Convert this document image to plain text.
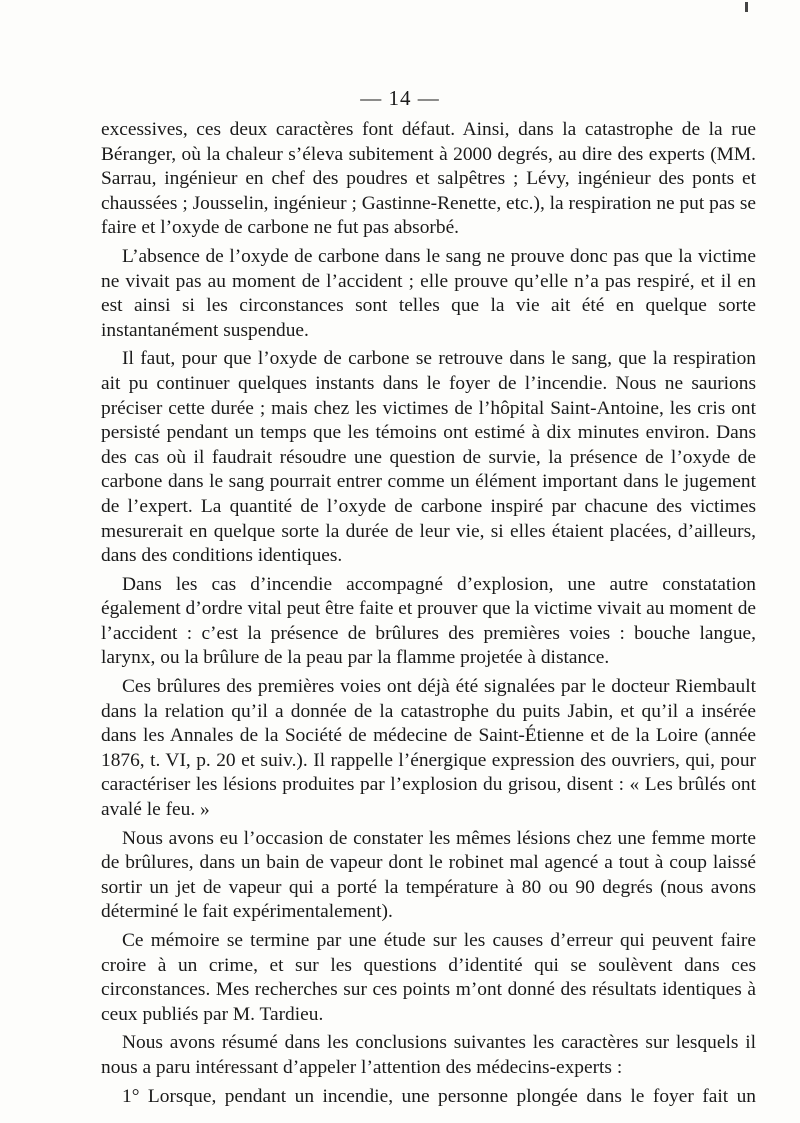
— 14 —

excessives, ces deux caractères font défaut. Ainsi, dans la catastrophe de la rue Béranger, où la chaleur s’éleva subitement à 2000 degrés, au dire des experts (MM. Sarrau, ingénieur en chef des poudres et salpêtres ; Lévy, ingénieur des ponts et chaussées ; Jousselin, ingénieur ; Gastinne-Renette, etc.), la respiration ne put pas se faire et l’oxyde de carbone ne fut pas absorbé.

L’absence de l’oxyde de carbone dans le sang ne prouve donc pas que la victime ne vivait pas au moment de l’accident ; elle prouve qu’elle n’a pas respiré, et il en est ainsi si les circonstances sont telles que la vie ait été en quelque sorte instantanément suspendue.

Il faut, pour que l’oxyde de carbone se retrouve dans le sang, que la respiration ait pu continuer quelques instants dans le foyer de l’incendie. Nous ne saurions préciser cette durée ; mais chez les victimes de l’hôpital Saint-Antoine, les cris ont persisté pendant un temps que les témoins ont estimé à dix minutes environ. Dans des cas où il faudrait résoudre une question de survie, la présence de l’oxyde de carbone dans le sang pourrait entrer comme un élément important dans le jugement de l’expert. La quantité de l’oxyde de carbone inspiré par chacune des victimes mesurerait en quelque sorte la durée de leur vie, si elles étaient placées, d’ailleurs, dans des conditions identiques.

Dans les cas d’incendie accompagné d’explosion, une autre constatation également d’ordre vital peut être faite et prouver que la victime vivait au moment de l’accident : c’est la présence de brûlures des premières voies : bouche langue, larynx, ou la brûlure de la peau par la flamme projetée à distance.

Ces brûlures des premières voies ont déjà été signalées par le docteur Riembault dans la relation qu’il a donnée de la catastrophe du puits Jabin, et qu’il a insérée dans les Annales de la Société de médecine de Saint-Étienne et de la Loire (année 1876, t. VI, p. 20 et suiv.). Il rappelle l’énergique expression des ouvriers, qui, pour caractériser les lésions produites par l’explosion du grisou, disent : « Les brûlés ont avalé le feu. »

Nous avons eu l’occasion de constater les mêmes lésions chez une femme morte de brûlures, dans un bain de vapeur dont le robinet mal agencé a tout à coup laissé sortir un jet de vapeur qui a porté la température à 80 ou 90 degrés (nous avons déterminé le fait expérimentalement).

Ce mémoire se termine par une étude sur les causes d’erreur qui peuvent faire croire à un crime, et sur les questions d’identité qui se soulèvent dans ces circonstances. Mes recherches sur ces points m’ont donné des résultats identiques à ceux publiés par M. Tardieu.

Nous avons résumé dans les conclusions suivantes les caractères sur lesquels il nous a paru intéressant d’appeler l’attention des médecins-experts :

1° Lorsque, pendant un incendie, une personne plongée dans le foyer fait un
